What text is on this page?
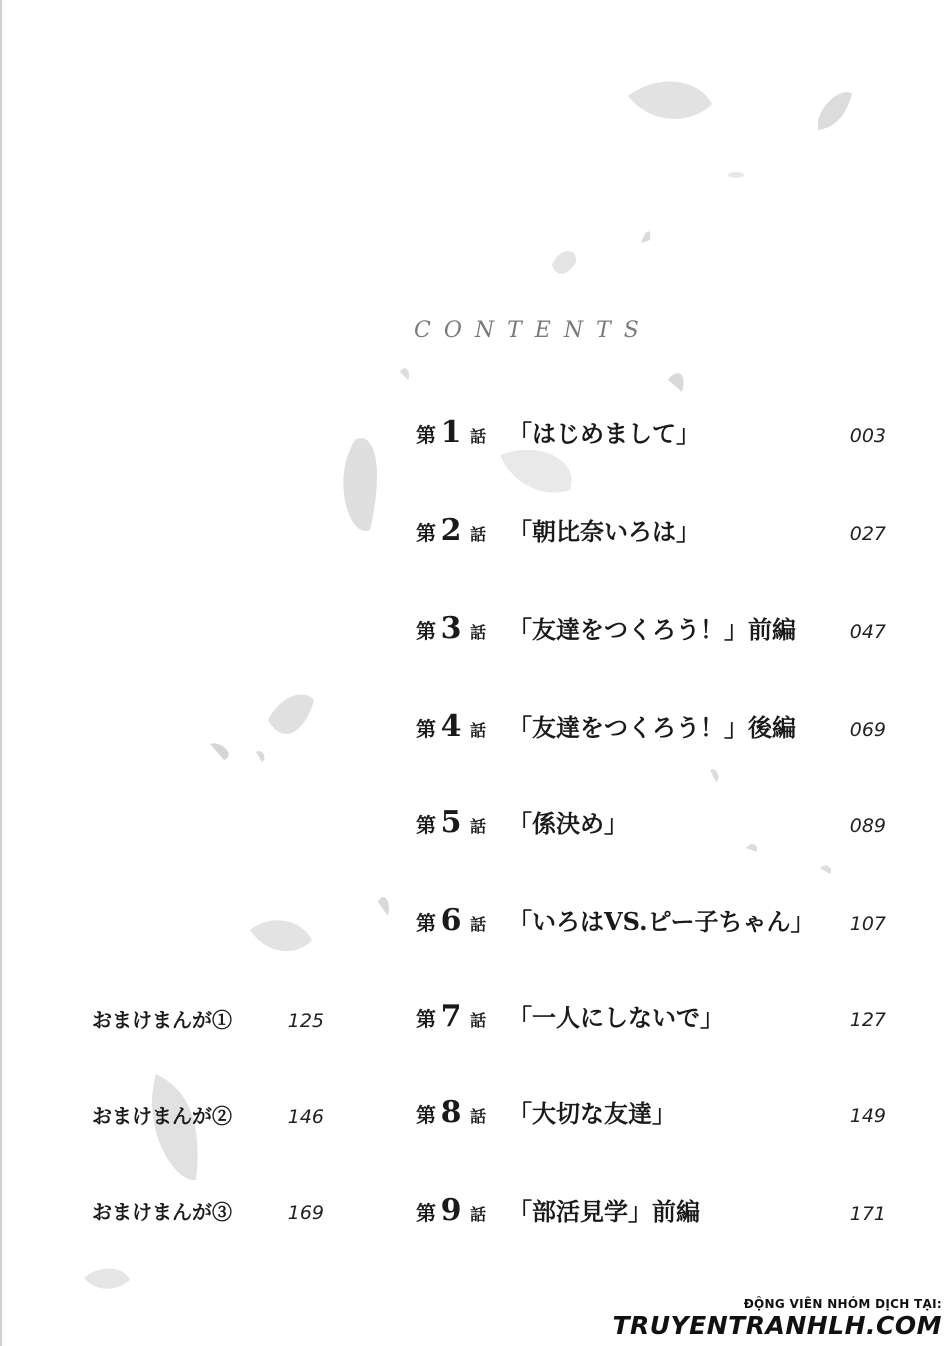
CONTENTS
第 1 話 「はじめまして」	003
第 2 話 「朝比奈いろは」	027
第 3 話 「友達をつくろう！」前編	047
第 4 話 「友達をつくろう！」後編	069
第 5 話 「係決め」	089
第 6 話 「いろはVS.ピー子ちゃん」	107
第 7 話 「一人にしないで」	127
第 8 話 「大切な友達」	149
第 9 話 「部活見学」前編	171
おまけまんが①	125
おまけまんが②	146
おまけまんが③	169
ĐỘNG VIÊN NHÓM DỊCH TẠI:
TRUYENTRANHLH.COM
